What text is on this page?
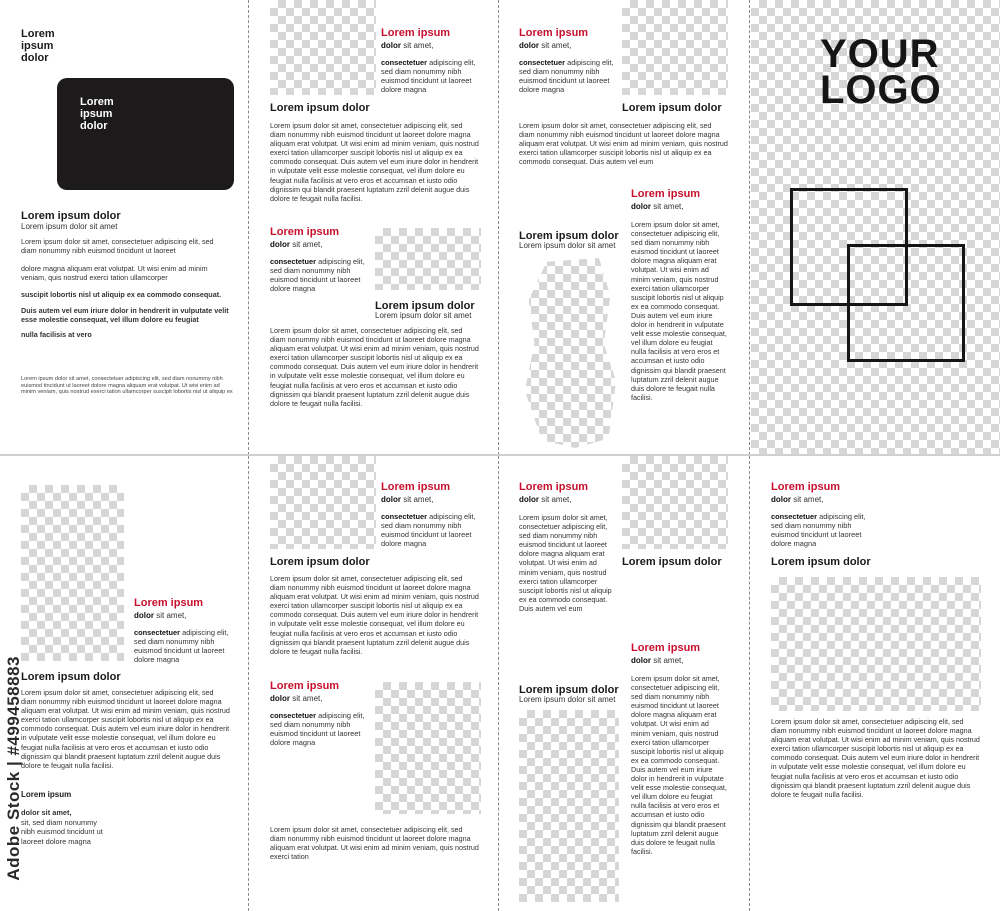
Lorem ipsum dolor
Lorem ipsum dolor
Lorem ipsum dolor
Lorem ipsum dolor sit amet
Lorem ipsum dolor sit amet, consectetuer adipiscing elit, sed diam nonummy nibh euismod tincidunt ut laoreet
dolore magna aliquam erat volutpat. Ut wisi enim ad minim veniam, quis nostrud exerci tation ullamcorper
suscipit lobortis nisl ut aliquip ex ea commodo consequat.
Duis autem vel eum iriure dolor in hendrerit in vulputate velit esse molestie consequat, vel illum dolore eu feugiat
nulla facilisis at vero
Lorem ipsum dolor sit amet, consectetuer adipiscing elit, sed diam nonummy nibh euismod tincidunt ut laoreet dolore magna aliquam erat volutpat. Ut wisi enim ad minim veniam, quis nostrud exerci tation ullamcorper suscipit lobortis nisl ut aliquip ex
Lorem ipsum
dolor sit amet,
consectetuer adipiscing elit, sed diam nonummy nibh euismod tincidunt ut laoreet dolore magna
Lorem ipsum dolor
Lorem ipsum dolor sit amet, consectetuer adipiscing elit, sed diam nonummy nibh euismod tincidunt ut laoreet dolore magna aliquam erat volutpat. Ut wisi enim ad minim veniam, quis nostrud exerci tation ullamcorper suscipit lobortis nisl ut aliquip ex ea commodo consequat. Duis autem vel eum iriure dolor in hendrerit in vulputate velit esse molestie consequat, vel illum dolore eu feugiat nulla facilisis at vero eros et accumsan et iusto odio dignissim qui blandit praesent luptatum zzril delenit augue duis dolore te feugait nulla facilisi.
Lorem ipsum
dolor sit amet,
consectetuer adipiscing elit, sed diam nonummy nibh euismod tincidunt ut laoreet dolore magna
Lorem ipsum dolor
Lorem ipsum dolor sit amet
Lorem ipsum dolor sit amet, consectetuer adipiscing elit, sed diam nonummy nibh euismod tincidunt ut laoreet dolore magna aliquam erat volutpat. Ut wisi enim ad minim veniam, quis nostrud exerci tation ullamcorper suscipit lobortis nisl ut aliquip ex ea commodo consequat. Duis autem vel eum iriure dolor in hendrerit in vulputate velit esse molestie consequat, vel illum dolore eu feugiat nulla facilisis at vero eros et accumsan et iusto odio dignissim qui blandit praesent luptatum zzril delenit augue duis dolore te feugait nulla facilisi.
Lorem ipsum
dolor sit amet,
consectetuer adipiscing elit, sed diam nonummy nibh euismod tincidunt ut laoreet dolore magna
Lorem ipsum dolor
Lorem ipsum dolor sit amet, consectetuer adipiscing elit, sed diam nonummy nibh euismod tincidunt ut laoreet dolore magna aliquam erat volutpat. Ut wisi enim ad minim veniam, quis nostrud exerci tation ullamcorper suscipit lobortis nisl ut aliquip ex ea commodo consequat. Duis autem vel eum
Lorem ipsum
dolor sit amet,
Lorem ipsum dolor sit amet, consectetuer adipiscing elit, sed diam nonummy nibh euismod tincidunt ut laoreet dolore magna aliquam erat volutpat. Ut wisi enim ad minim veniam, quis nostrud exerci tation ullamcorper suscipit lobortis nisl ut aliquip ex ea commodo consequat. Duis autem vel eum iriure dolor in hendrerit in vulputate velit esse molestie consequat, vel illum dolore eu feugiat nulla facilisis at vero eros et accumsan et iusto odio dignissim qui blandit praesent luptatum zzril delenit augue duis dolore te feugait nulla facilisi.
Lorem ipsum dolor
Lorem ipsum dolor sit amet
YOUR
LOGO
Lorem ipsum
dolor sit amet,
consectetuer adipiscing elit, sed diam nonummy nibh euismod tincidunt ut laoreet dolore magna
Lorem ipsum dolor
Lorem ipsum dolor sit amet, consectetuer adipiscing elit, sed diam nonummy nibh euismod tincidunt ut laoreet dolore magna aliquam erat volutpat. Ut wisi enim ad minim veniam, quis nostrud exerci tation ullamcorper suscipit lobortis nisl ut aliquip ex ea commodo consequat. Duis autem vel eum iriure dolor in hendrerit in vulputate velit esse molestie consequat, vel illum dolore eu feugiat nulla facilisis at vero eros et accumsan et iusto odio dignissim qui blandit praesent luptatum zzril delenit augue duis dolore te feugait nulla facilisi.
Lorem ipsum
dolor sit amet,
sit, sed diam nonummy
nibh euismod tincidunt ut
laoreet dolore magna
Lorem ipsum
dolor sit amet,
consectetuer adipiscing elit, sed diam nonummy nibh euismod tincidunt ut laoreet dolore magna
Lorem ipsum dolor
Lorem ipsum dolor sit amet, consectetuer adipiscing elit, sed diam nonummy nibh euismod tincidunt ut laoreet dolore magna aliquam erat volutpat. Ut wisi enim ad minim veniam, quis nostrud exerci tation ullamcorper suscipit lobortis nisl ut aliquip ex ea commodo consequat. Duis autem vel eum iriure dolor in hendrerit in vulputate velit esse molestie consequat, vel illum dolore eu feugiat nulla facilisis at vero eros et accumsan et iusto odio dignissim qui blandit praesent luptatum zzril delenit augue duis dolore te feugait nulla facilisi.
Lorem ipsum
dolor sit amet,
consectetuer adipiscing elit, sed diam nonummy nibh euismod tincidunt ut laoreet dolore magna
Lorem ipsum dolor sit amet, consectetuer adipiscing elit, sed diam nonummy nibh euismod tincidunt ut laoreet dolore magna aliquam erat volutpat. Ut wisi enim ad minim veniam, quis nostrud exerci tation
Lorem ipsum
dolor sit amet,
Lorem ipsum dolor sit amet, consectetuer adipiscing elit, sed diam nonummy nibh euismod tincidunt ut laoreet dolore magna aliquam erat volutpat. Ut wisi enim ad minim veniam, quis nostrud exerci tation ullamcorper suscipit lobortis nisl ut aliquip ex ea commodo consequat. Duis autem vel eum
Lorem ipsum dolor
Lorem ipsum
dolor sit amet,
Lorem ipsum dolor sit amet, consectetuer adipiscing elit, sed diam nonummy nibh euismod tincidunt ut laoreet dolore magna aliquam erat volutpat. Ut wisi enim ad minim veniam, quis nostrud exerci tation ullamcorper suscipit lobortis nisl ut aliquip ex ea commodo consequat. Duis autem vel eum iriure dolor in hendrerit in vulputate velit esse molestie consequat, vel illum dolore eu feugiat nulla facilisis at vero eros et accumsan et iusto odio dignissim qui blandit praesent luptatum zzril delenit augue duis dolore te feugait nulla facilisi.
Lorem ipsum dolor
Lorem ipsum dolor sit amet
Lorem ipsum
dolor sit amet,
consectetuer adipiscing elit, sed diam nonummy nibh euismod tincidunt ut laoreet dolore magna
Lorem ipsum dolor
Lorem ipsum dolor sit amet, consectetuer adipiscing elit, sed diam nonummy nibh euismod tincidunt ut laoreet dolore magna aliquam erat volutpat. Ut wisi enim ad minim veniam, quis nostrud exerci tation ullamcorper suscipit lobortis nisl ut aliquip ex ea commodo consequat. Duis autem vel eum iriure dolor in hendrerit in vulputate velit esse molestie consequat, vel illum dolore eu feugiat nulla facilisis at vero eros et accumsan et iusto odio dignissim qui blandit praesent luptatum zzril delenit augue duis dolore te feugait nulla facilisi.
Adobe Stock | #499458883
